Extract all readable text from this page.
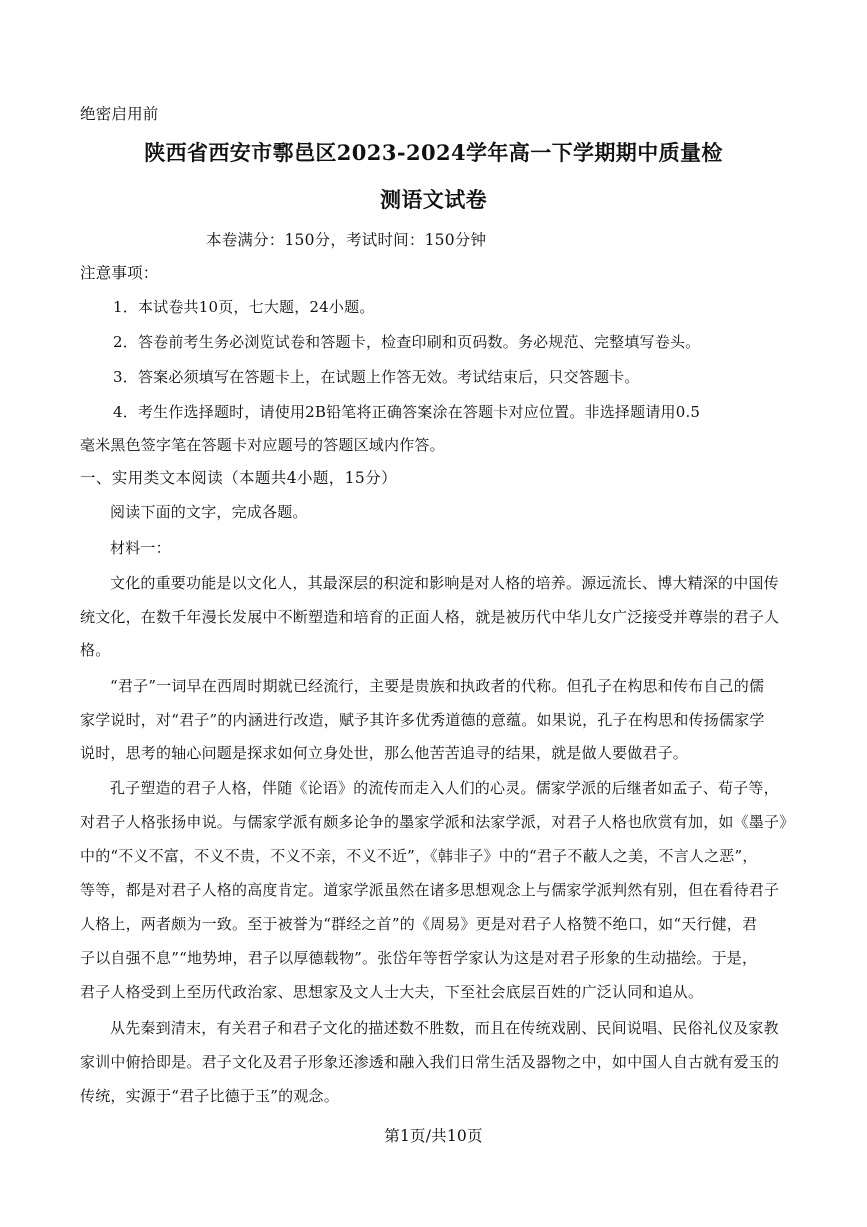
绝密启用前
陕西省西安市鄠邑区2023-2024学年高一下学期期中质量检
测语文试卷
本卷满分：150分，考试时间：150分钟
注意事项：
1．本试卷共10页，七大题，24小题。
2．答卷前考生务必浏览试卷和答题卡，检查印刷和页码数。务必规范、完整填写卷头。
3．答案必须填写在答题卡上，在试题上作答无效。考试结束后，只交答题卡。
4．考生作选择题时，请使用2B铅笔将正确答案涂在答题卡对应位置。非选择题请用0.5
毫米黑色签字笔在答题卡对应题号的答题区域内作答。
一、实用类文本阅读（本题共4小题，15分）
阅读下面的文字，完成各题。
材料一：
文化的重要功能是以文化人，其最深层的积淀和影响是对人格的培养。源远流长、博大精深的中国传
统文化，在数千年漫长发展中不断塑造和培育的正面人格，就是被历代中华儿女广泛接受并尊崇的君子人
格。
“君子”一词早在西周时期就已经流行，主要是贵族和执政者的代称。但孔子在构思和传布自己的儒
家学说时，对“君子”的内涵进行改造，赋予其许多优秀道德的意蕴。如果说，孔子在构思和传扬儒家学
说时，思考的轴心问题是探求如何立身处世，那么他苦苦追寻的结果，就是做人要做君子。
孔子塑造的君子人格，伴随《论语》的流传而走入人们的心灵。儒家学派的后继者如孟子、荀子等，
对君子人格张扬申说。与儒家学派有颇多论争的墨家学派和法家学派，对君子人格也欣赏有加，如《墨子》
中的“不义不富，不义不贵，不义不亲，不义不近”，《韩非子》中的“君子不蔽人之美，不言人之恶”，
等等，都是对君子人格的高度肯定。道家学派虽然在诸多思想观念上与儒家学派判然有别，但在看待君子
人格上，两者颇为一致。至于被誉为“群经之首”的《周易》更是对君子人格赞不绝口，如“天行健，君
子以自强不息”“地势坤，君子以厚德载物”。张岱年等哲学家认为这是对君子形象的生动描绘。于是，
君子人格受到上至历代政治家、思想家及文人士大夫，下至社会底层百姓的广泛认同和追从。
从先秦到清末，有关君子和君子文化的描述数不胜数，而且在传统戏剧、民间说唱、民俗礼仪及家教
家训中俯拾即是。君子文化及君子形象还渗透和融入我们日常生活及器物之中，如中国人自古就有爱玉的
传统，实源于“君子比德于玉”的观念。
第1页/共10页
